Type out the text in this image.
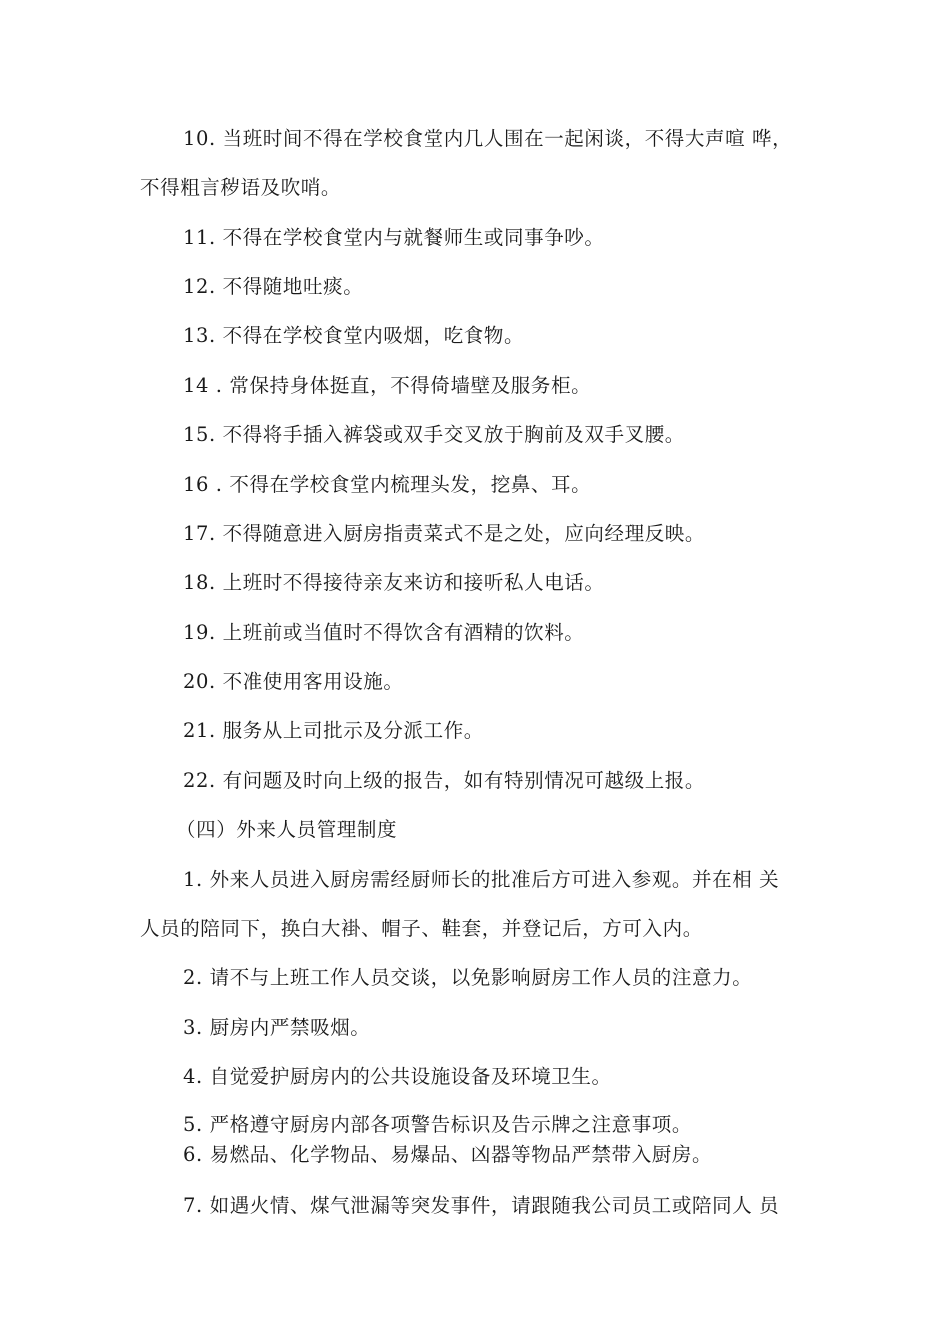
10. 当班时间不得在学校食堂内几人围在一起闲谈，不得大声喧 哗，
不得粗言秽语及吹哨。
11. 不得在学校食堂内与就餐师生或同事争吵。
12. 不得随地吐痰。
13. 不得在学校食堂内吸烟，吃食物。
14 . 常保持身体挺直，不得倚墙壁及服务柜。
15. 不得将手插入裤袋或双手交叉放于胸前及双手叉腰。
16 . 不得在学校食堂内梳理头发，挖鼻、耳。
17. 不得随意进入厨房指责菜式不是之处，应向经理反映。
18. 上班时不得接待亲友来访和接听私人电话。
19. 上班前或当值时不得饮含有酒精的饮料。
20. 不准使用客用设施。
21. 服务从上司批示及分派工作。
22. 有问题及时向上级的报告，如有特别情况可越级上报。
（四）外来人员管理制度
1. 外来人员进入厨房需经厨师长的批准后方可进入参观。并在相 关
人员的陪同下，换白大褂、帽子、鞋套，并登记后，方可入内。
2. 请不与上班工作人员交谈，以免影响厨房工作人员的注意力。
3. 厨房内严禁吸烟。
4. 自觉爱护厨房内的公共设施设备及环境卫生。
5. 严格遵守厨房内部各项警告标识及告示牌之注意事项。
6. 易燃品、化学物品、易爆品、凶器等物品严禁带入厨房。
7. 如遇火情、煤气泄漏等突发事件，请跟随我公司员工或陪同人 员
